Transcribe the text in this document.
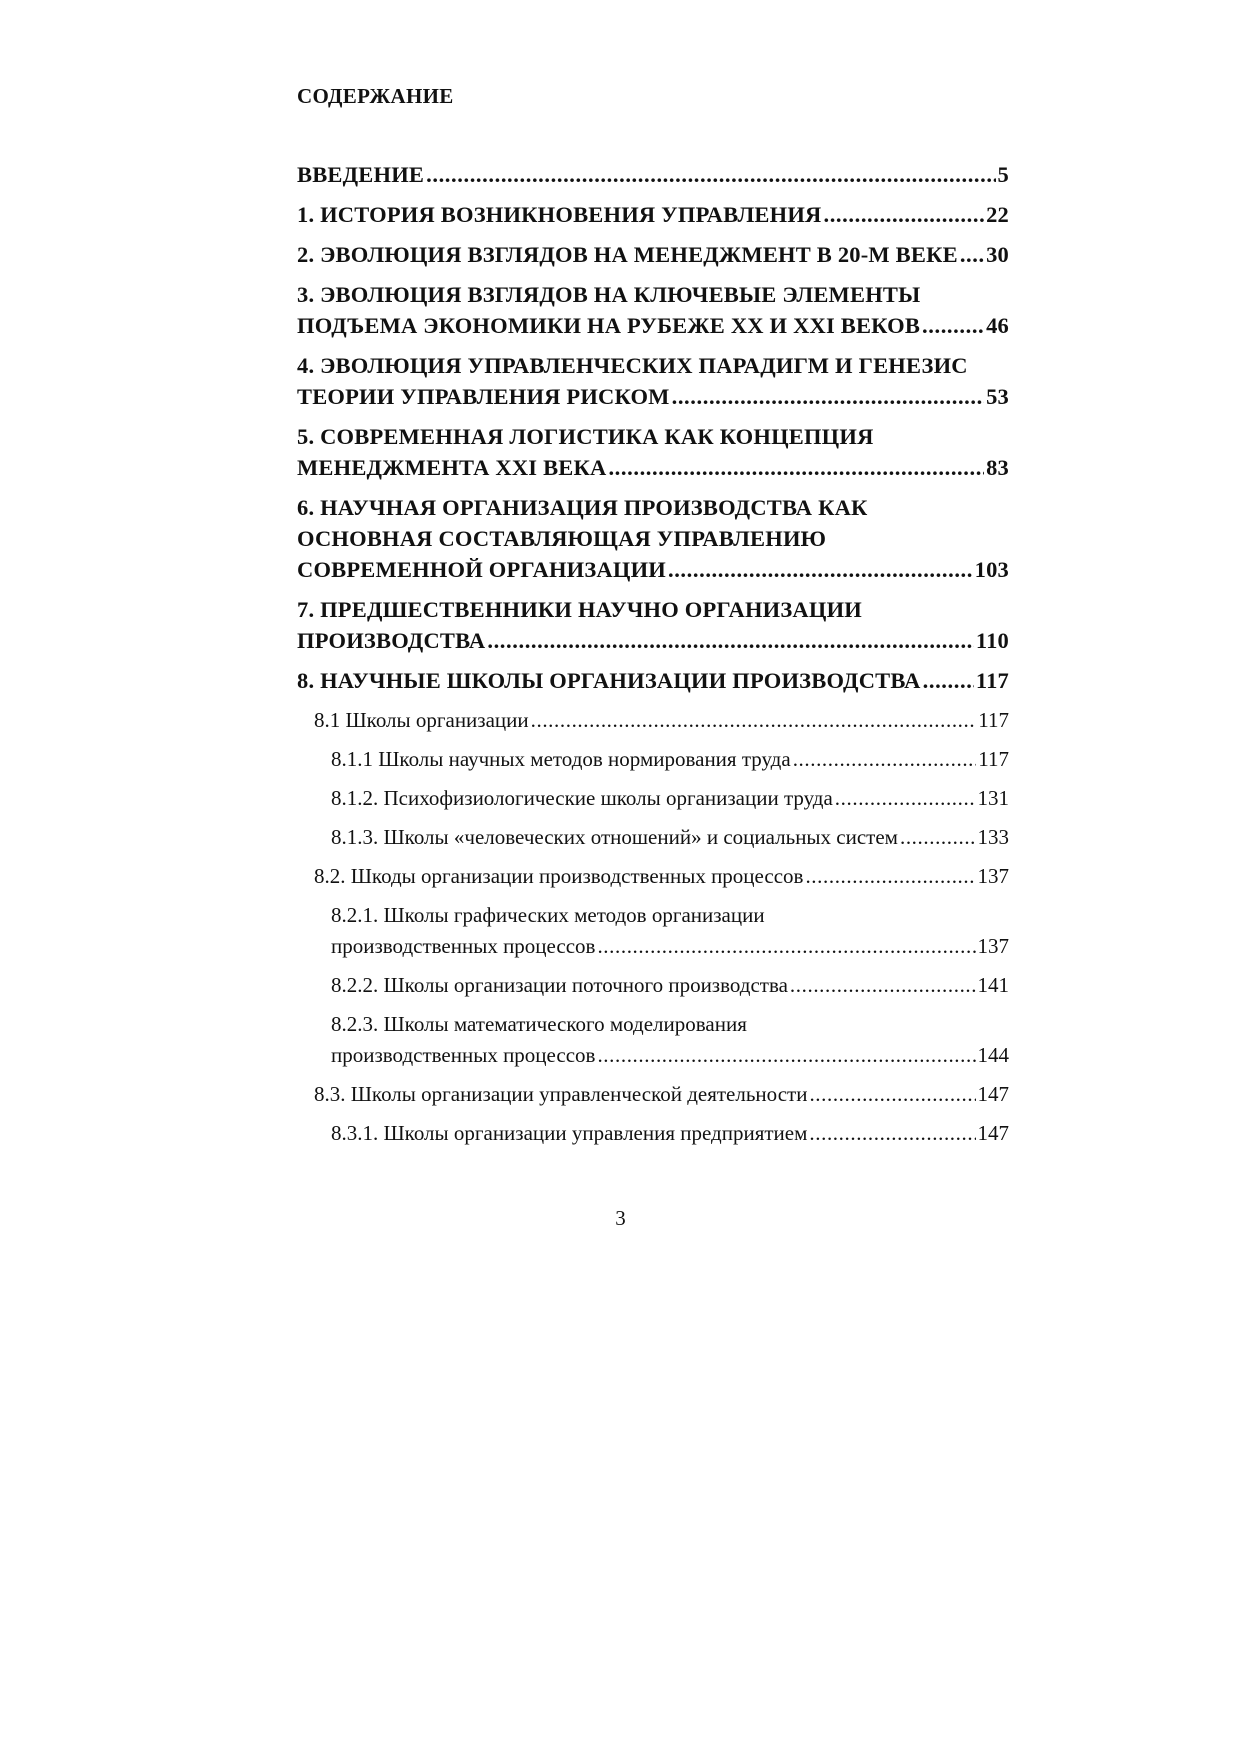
СОДЕРЖАНИЕ
ВВЕДЕНИЕ .....	5
1. ИСТОРИЯ ВОЗНИКНОВЕНИЯ УПРАВЛЕНИЯ .....	22
2. ЭВОЛЮЦИЯ ВЗГЛЯДОВ НА МЕНЕДЖМЕНТ В 20-М ВЕКЕ ..... 30
3. ЭВОЛЮЦИЯ ВЗГЛЯДОВ НА КЛЮЧЕВЫЕ ЭЛЕМЕНТЫ
ПОДЪЕМА ЭКОНОМИКИ НА РУБЕЖЕ XX И XXI ВЕКОВ .....	46
4. ЭВОЛЮЦИЯ УПРАВЛЕНЧЕСКИХ ПАРАДИГМ И ГЕНЕЗИС
ТЕОРИИ УПРАВЛЕНИЯ РИСКОМ .....	53
5. СОВРЕМЕННАЯ ЛОГИСТИКА КАК КОНЦЕПЦИЯ
МЕНЕДЖМЕНТА XXI ВЕКА .....	83
6. НАУЧНАЯ ОРГАНИЗАЦИЯ ПРОИЗВОДСТВА КАК
ОСНОВНАЯ СОСТАВЛЯЮЩАЯ УПРАВЛЕНИЮ
СОВРЕМЕННОЙ ОРГАНИЗАЦИИ .....	103
7. ПРЕДШЕСТВЕННИКИ НАУЧНО ОРГАНИЗАЦИИ
ПРОИЗВОДСТВА .....	110
8. НАУЧНЫЕ ШКОЛЫ ОРГАНИЗАЦИИ ПРОИЗВОДСТВА ..... 117
8.1 Школы организации .....	117
8.1.1 Школы научных методов нормирования труда .....	117
8.1.2. Психофизиологические школы организации труда .....	131
8.1.3. Школы «человеческих отношений» и социальных систем .....	133
8.2. Шкоды организации производственных процессов .....	137
8.2.1. Школы графических методов организации
производственных процессов .....	137
8.2.2. Школы организации поточного производства .....	141
8.2.3. Школы математического моделирования
производственных процессов .....	144
8.3. Школы организации управленческой деятельности .....	147
8.3.1. Школы организации управления предприятием .....	147

3
